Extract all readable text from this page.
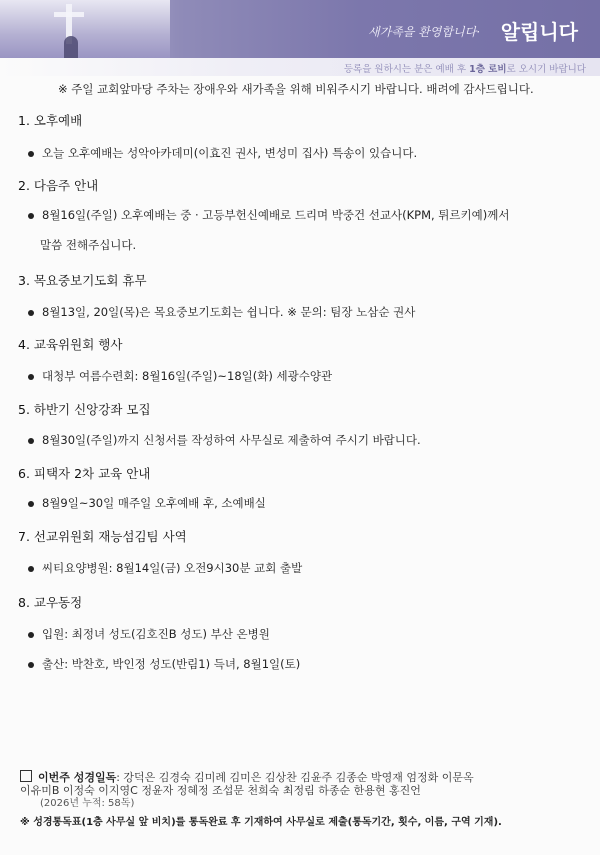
새가족을 환영합니다· 알립니다
등록을 원하시는 분은 예배 후 1층 로비로 오시기 바랍니다
※ 주일 교회앞마당 주차는 장애우와 새가족을 위해 비워주시기 바랍니다. 배려에 감사드립니다.
1. 오후예배
오늘 오후예배는 성악아카데미(이효진 권사, 변성미 집사) 특송이 있습니다.
2. 다음주 안내
8월16일(주일) 오후예배는 중 · 고등부헌신예배로 드리며 박중건 선교사(KPM, 튀르키예)께서
말씀 전해주십니다.
3. 목요중보기도회 휴무
8월13일, 20일(목)은 목요중보기도회는 쉽니다. ※ 문의: 팀장 노삼순 권사
4. 교육위원회 행사
대청부 여름수련회: 8월16일(주일)~18일(화) 세광수양관
5. 하반기 신앙강좌 모집
8월30일(주일)까지 신청서를 작성하여 사무실로 제출하여 주시기 바랍니다.
6. 피택자 2차 교육 안내
8월9일~30일 매주일 오후예배 후, 소예배실
7. 선교위원회 재능섬김팀 사역
씨티요양병원: 8월14일(금) 오전9시30분 교회 출발
8. 교우동정
입원: 최정녀 성도(김호진B 성도) 부산 온병원
출산: 박찬호, 박인정 성도(반림1) 득녀, 8월1일(토)
이번주 성경일독: 강덕은 김경숙 김미례 김미은 김상찬 김윤주 김종순 박영재 엄정화 이문옥
이유미B 이정숙 이지영C 정윤자 정혜정 조섭문 천희숙 최정림 하종순 한용현 홍진언
(2026년 누적: 58독)
※ 성경통독표(1층 사무실 앞 비치)를 통독완료 후 기재하여 사무실로 제출(통독기간, 횟수, 이름, 구역 기재).
